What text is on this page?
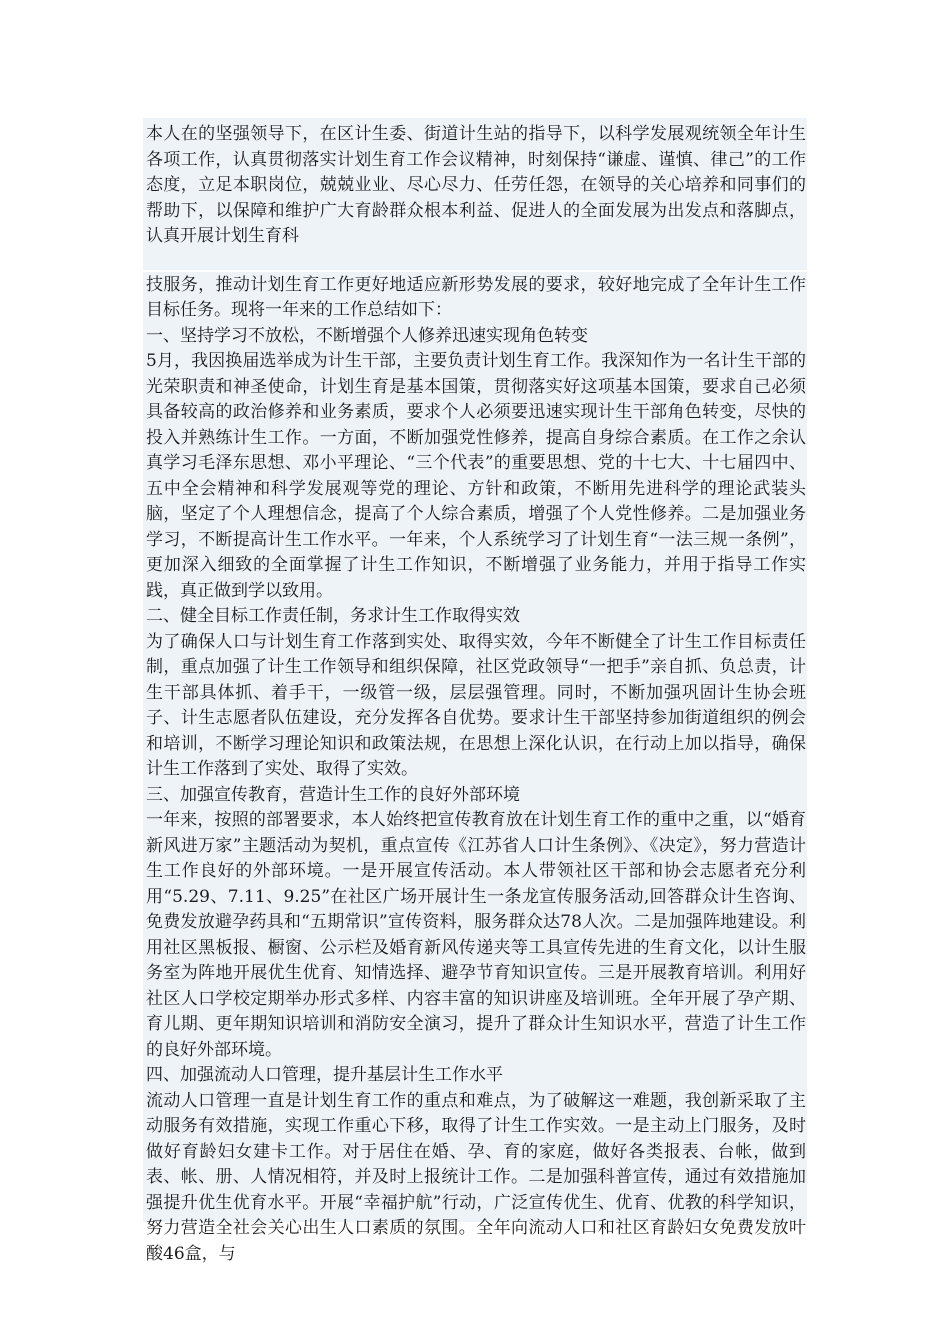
本人在的坚强领导下，在区计生委、街道计生站的指导下，以科学发展观统领全年计生各项工作，认真贯彻落实计划生育工作会议精神，时刻保持“谦虚、谨慎、律己”的工作态度，立足本职岗位，兢兢业业、尽心尽力、任劳任怨，在领导的关心培养和同事们的帮助下，以保障和维护广大育龄群众根本利益、促进人的全面发展为出发点和落脚点，认真开展计划生育科

技服务，推动计划生育工作更好地适应新形势发展的要求，较好地完成了全年计生工作目标任务。现将一年来的工作总结如下：

一、坚持学习不放松，不断增强个人修养迅速实现角色转变

5月，我因换届选举成为计生干部，主要负责计划生育工作。我深知作为一名计生干部的光荣职责和神圣使命，计划生育是基本国策，贯彻落实好这项基本国策，要求自己必须具备较高的政治修养和业务素质，要求个人必须要迅速实现计生干部角色转变，尽快的投入并熟练计生工作。一方面，不断加强党性修养，提高自身综合素质。在工作之余认真学习毛泽东思想、邓小平理论、“三个代表”的重要思想、党的十七大、十七届四中、五中全会精神和科学发展观等党的理论、方针和政策，不断用先进科学的理论武装头脑，坚定了个人理想信念，提高了个人综合素质，增强了个人党性修养。二是加强业务学习，不断提高计生工作水平。一年来，个人系统学习了计划生育“一法三规一条例”，更加深入细致的全面掌握了计生工作知识，不断增强了业务能力，并用于指导工作实践，真正做到学以致用。

二、健全目标工作责任制，务求计生工作取得实效

为了确保人口与计划生育工作落到实处、取得实效，今年不断健全了计生工作目标责任制，重点加强了计生工作领导和组织保障，社区党政领导“一把手”亲自抓、负总责，计生干部具体抓、着手干，一级管一级，层层强管理。同时，不断加强巩固计生协会班子、计生志愿者队伍建设，充分发挥各自优势。要求计生干部坚持参加街道组织的例会和培训，不断学习理论知识和政策法规，在思想上深化认识，在行动上加以指导，确保计生工作落到了实处、取得了实效。

三、加强宣传教育，营造计生工作的良好外部环境

一年来，按照的部署要求，本人始终把宣传教育放在计划生育工作的重中之重，以“婚育新风进万家”主题活动为契机，重点宣传《江苏省人口计生条例》、《决定》，努力营造计生工作良好的外部环境。一是开展宣传活动。本人带领社区干部和协会志愿者充分利用“5.29、7.11、9.25”在社区广场开展计生一条龙宣传服务活动,回答群众计生咨询、免费发放避孕药具和“五期常识”宣传资料，服务群众达78人次。二是加强阵地建设。利用社区黑板报、橱窗、公示栏及婚育新风传递夹等工具宣传先进的生育文化，以计生服务室为阵地开展优生优育、知情选择、避孕节育知识宣传。三是开展教育培训。利用好社区人口学校定期举办形式多样、内容丰富的知识讲座及培训班。全年开展了孕产期、育儿期、更年期知识培训和消防安全演习，提升了群众计生知识水平，营造了计生工作的良好外部环境。

四、加强流动人口管理，提升基层计生工作水平

流动人口管理一直是计划生育工作的重点和难点，为了破解这一难题，我创新采取了主动服务有效措施，实现工作重心下移，取得了计生工作实效。一是主动上门服务，及时做好育龄妇女建卡工作。对于居住在婚、孕、育的家庭，做好各类报表、台帐，做到表、帐、册、人情况相符，并及时上报统计工作。二是加强科普宣传，通过有效措施加强提升优生优育水平。开展“幸福护航”行动，广泛宣传优生、优育、优教的科学知识，努力营造全社会关心出生人口素质的氛围。全年向流动人口和社区育龄妇女免费发放叶酸46盒，与
